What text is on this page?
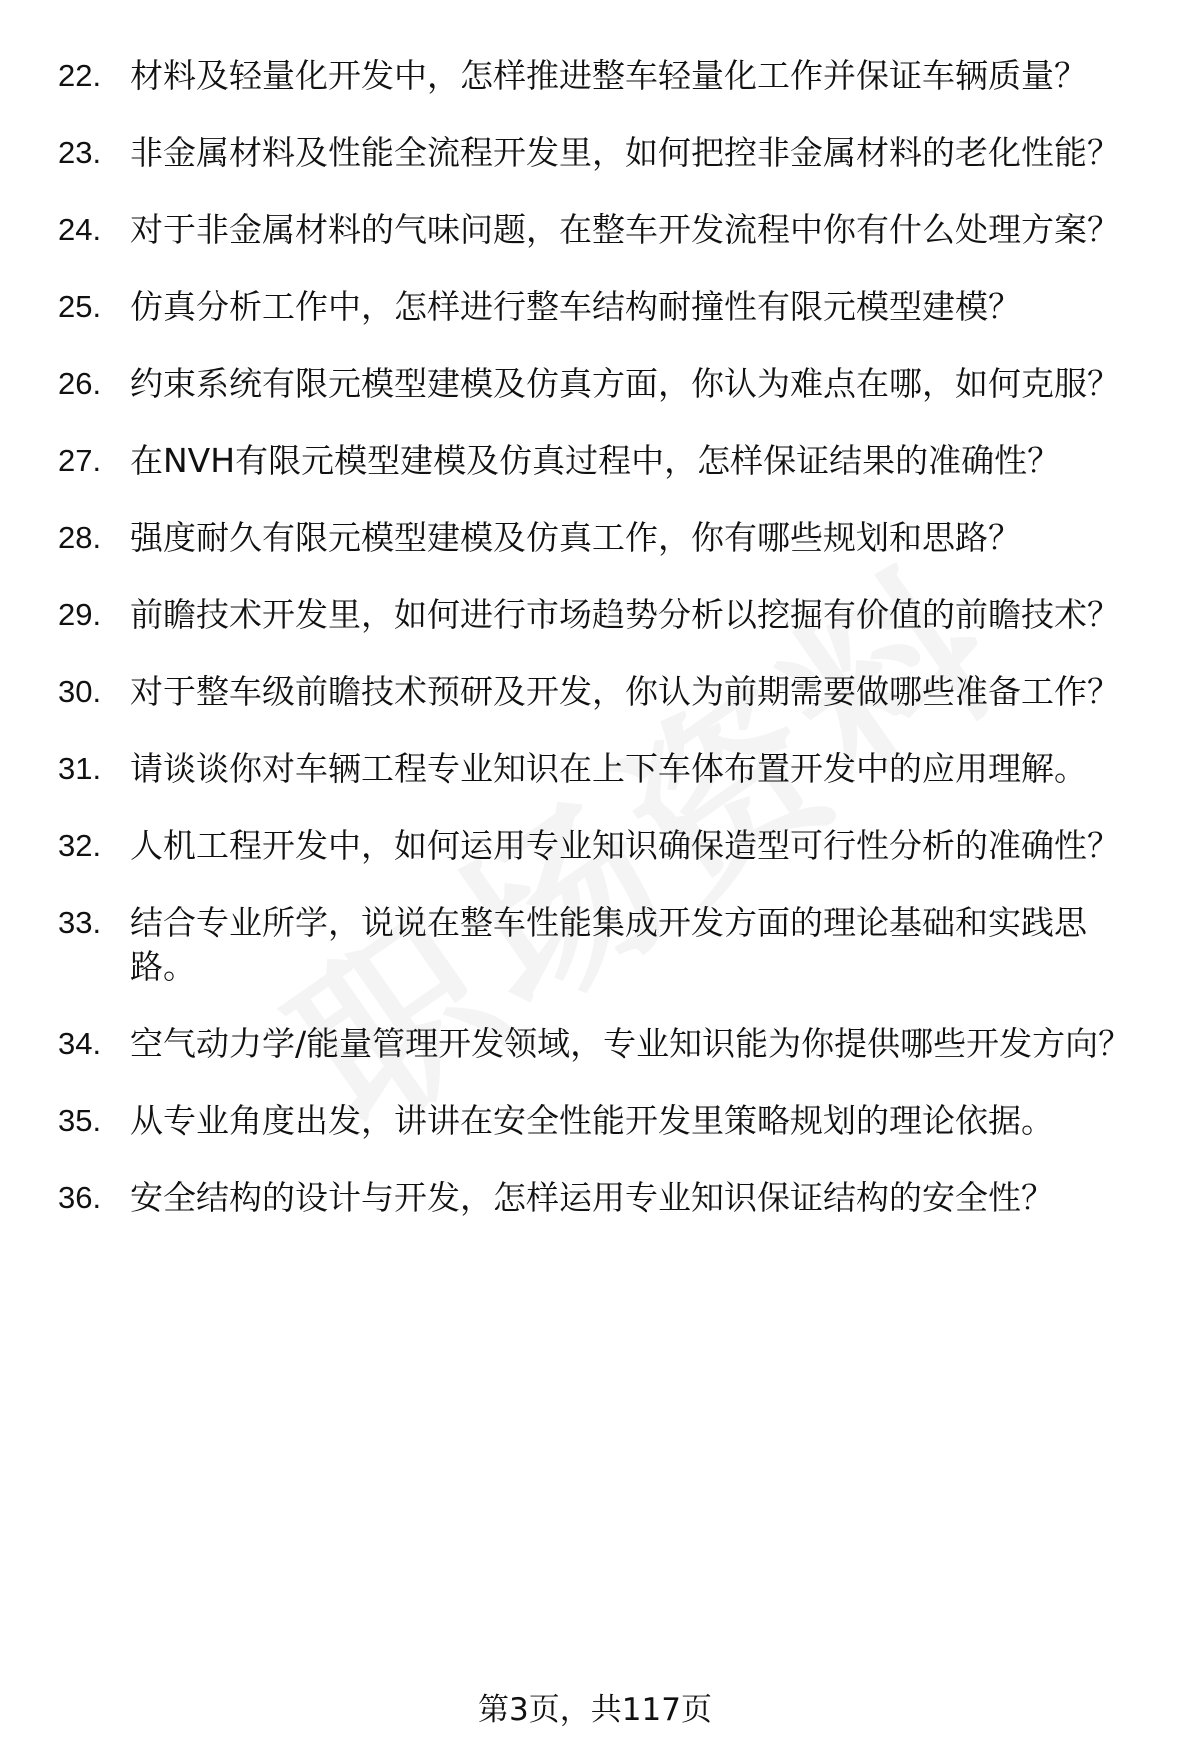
22. 材料及轻量化开发中，怎样推进整车轻量化工作并保证车辆质量？
23. 非金属材料及性能全流程开发里，如何把控非金属材料的老化性能？
24. 对于非金属材料的气味问题，在整车开发流程中你有什么处理方案？
25. 仿真分析工作中，怎样进行整车结构耐撞性有限元模型建模？
26. 约束系统有限元模型建模及仿真方面，你认为难点在哪，如何克服？
27. 在NVH有限元模型建模及仿真过程中，怎样保证结果的准确性？
28. 强度耐久有限元模型建模及仿真工作，你有哪些规划和思路？
29. 前瞻技术开发里，如何进行市场趋势分析以挖掘有价值的前瞻技术？
30. 对于整车级前瞻技术预研及开发，你认为前期需要做哪些准备工作？
31. 请谈谈你对车辆工程专业知识在上下车体布置开发中的应用理解。
32. 人机工程开发中，如何运用专业知识确保造型可行性分析的准确性？
33. 结合专业所学，说说在整车性能集成开发方面的理论基础和实践思路。
34. 空气动力学/能量管理开发领域，专业知识能为你提供哪些开发方向？
35. 从专业角度出发，讲讲在安全性能开发里策略规划的理论依据。
36. 安全结构的设计与开发，怎样运用专业知识保证结构的安全性？
第3页，共117页
